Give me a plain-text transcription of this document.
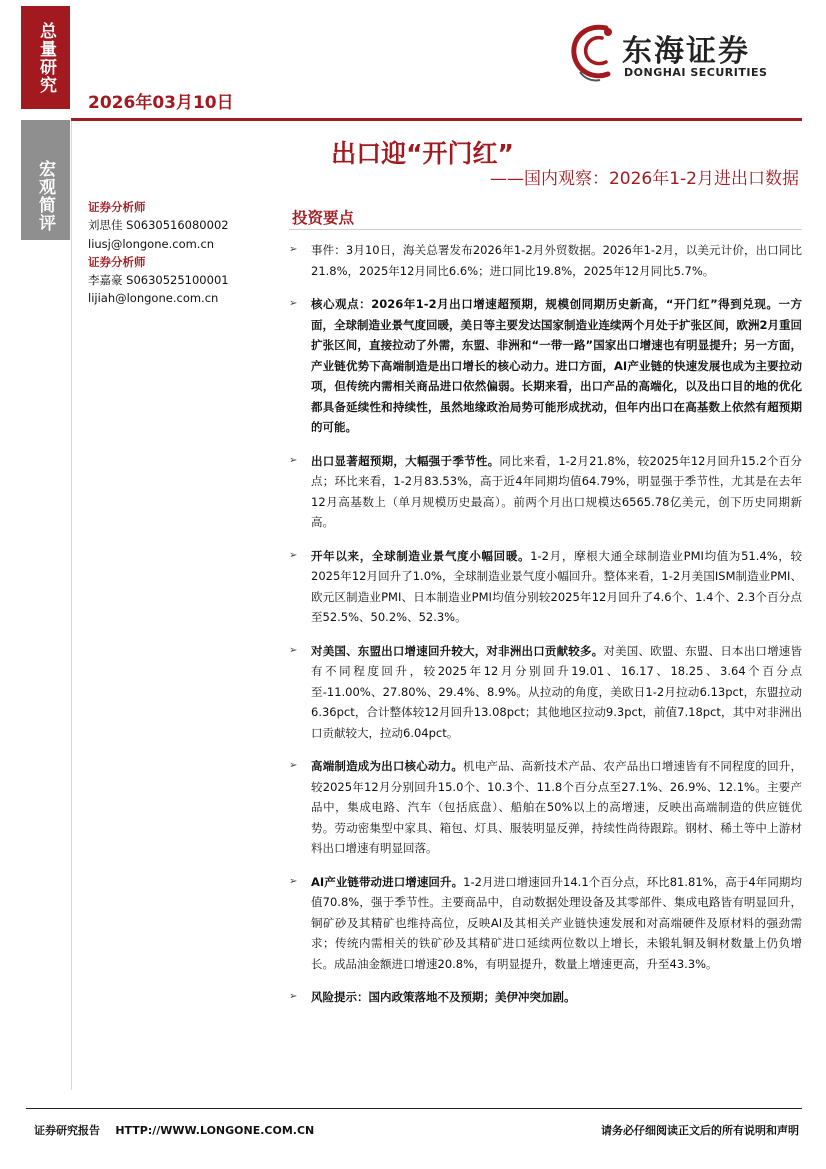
总量研究
宏观简评
2026年03月10日
东海证券
DONGHAI SECURITIES
出口迎“开门红”
——国内观察：2026年1-2月进出口数据
证券分析师
刘思佳 S0630516080002
liusj@longone.com.cn
证券分析师
李嘉豪 S0630525100001
lijiah@longone.com.cn
投资要点
➢ 事件：3月10日，海关总署发布2026年1-2月外贸数据。2026年1-2月，以美元计价，出口同比21.8%，2025年12月同比6.6%；进口同比19.8%，2025年12月同比5.7%。
➢ 核心观点：2026年1-2月出口增速超预期，规模创同期历史新高，“开门红”得到兑现。一方面，全球制造业景气度回暖，美日等主要发达国家制造业连续两个月处于扩张区间，欧洲2月重回扩张区间，直接拉动了外需，东盟、非洲和“一带一路”国家出口增速也有明显提升；另一方面，产业链优势下高端制造是出口增长的核心动力。进口方面，AI产业链的快速发展也成为主要拉动项，但传统内需相关商品进口依然偏弱。长期来看，出口产品的高端化，以及出口目的地的优化都具备延续性和持续性，虽然地缘政治局势可能形成扰动，但年内出口在高基数上依然有超预期的可能。
➢ 出口显著超预期，大幅强于季节性。同比来看，1-2月21.8%，较2025年12月回升15.2个百分点；环比来看，1-2月83.53%，高于近4年同期均值64.79%，明显强于季节性，尤其是在去年12月高基数上（单月规模历史最高）。前两个月出口规模达6565.78亿美元，创下历史同期新高。
➢ 开年以来，全球制造业景气度小幅回暖。1-2月，摩根大通全球制造业PMI均值为51.4%，较2025年12月回升了1.0%，全球制造业景气度小幅回升。整体来看，1-2月美国ISM制造业PMI、欧元区制造业PMI、日本制造业PMI均值分别较2025年12月回升了4.6个、1.4个、2.3个百分点至52.5%、50.2%、52.3%。
➢ 对美国、东盟出口增速回升较大，对非洲出口贡献较多。对美国、欧盟、东盟、日本出口增速皆有不同程度回升，较2025年12月分别回升19.01、16.17、18.25、3.64个百分点至-11.00%、27.80%、29.4%、8.9%。从拉动的角度，美欧日1-2月拉动6.13pct，东盟拉动6.36pct，合计整体较12月回升13.08pct；其他地区拉动9.3pct，前值7.18pct，其中对非洲出口贡献较大，拉动6.04pct。
➢ 高端制造成为出口核心动力。机电产品、高新技术产品、农产品出口增速皆有不同程度的回升，较2025年12月分别回升15.0个、10.3个、11.8个百分点至27.1%、26.9%、12.1%。主要产品中，集成电路、汽车（包括底盘）、船舶在50%以上的高增速，反映出高端制造的供应链优势。劳动密集型中家具、箱包、灯具、服装明显反弹，持续性尚待跟踪。钢材、稀土等中上游材料出口增速有明显回落。
➢ AI产业链带动进口增速回升。1-2月进口增速回升14.1个百分点，环比81.81%，高于4年同期均值70.8%，强于季节性。主要商品中，自动数据处理设备及其零部件、集成电路皆有明显回升，铜矿砂及其精矿也维持高位，反映AI及其相关产业链快速发展和对高端硬件及原材料的强劲需求；传统内需相关的铁矿砂及其精矿进口延续两位数以上增长，未锻轧铜及铜材数量上仍负增长。成品油金额进口增速20.8%，有明显提升，数量上增速更高，升至43.3%。
➢ 风险提示：国内政策落地不及预期；美伊冲突加剧。
证券研究报告    HTTP://WWW.LONGONE.COM.CN	请务必仔细阅读正文后的所有说明和声明
